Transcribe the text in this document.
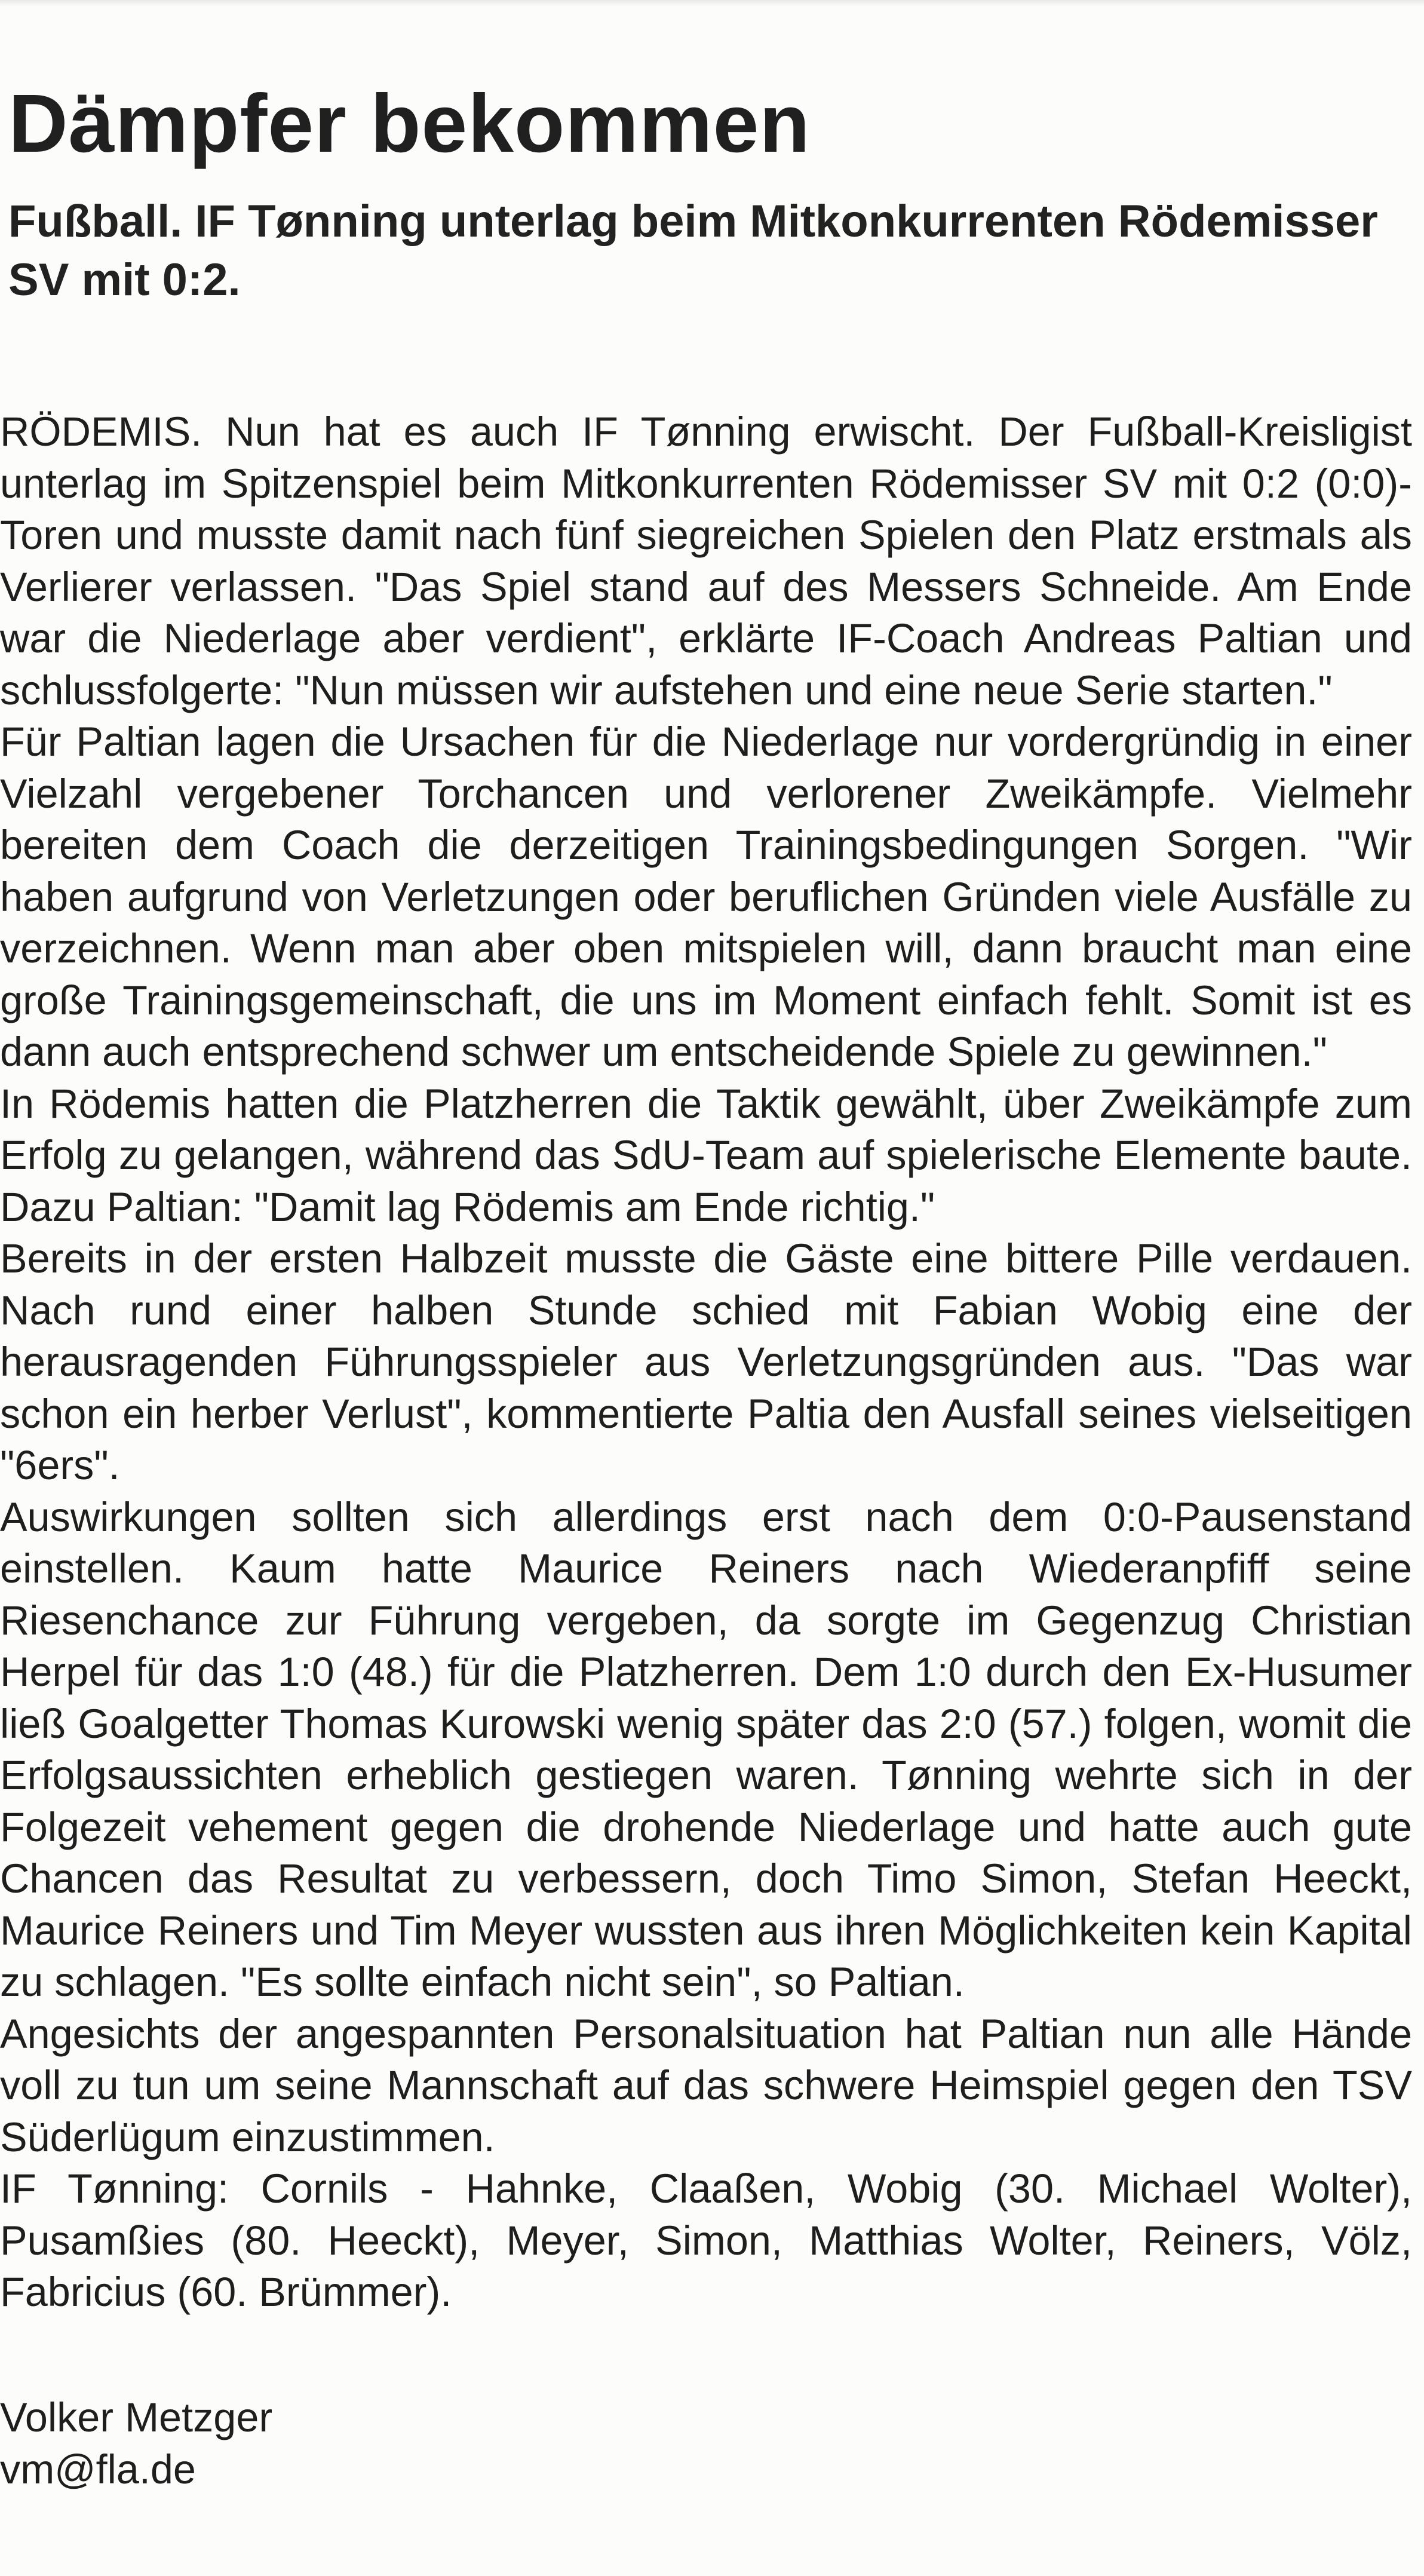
Dämpfer bekommen
Fußball. IF Tønning unterlag beim Mitkonkurrenten Rödemisser SV mit 0:2.

RÖDEMIS. Nun hat es auch IF Tønning erwischt. Der Fußball-Kreisligist unterlag im Spitzenspiel beim Mitkonkurrenten Rödemisser SV mit 0:2 (0:0)-Toren und musste damit nach fünf siegreichen Spielen den Platz erstmals als Verlierer verlassen. "Das Spiel stand auf des Messers Schneide. Am Ende war die Niederlage aber verdient", erklärte IF-Coach Andreas Paltian und schlussfolgerte: "Nun müssen wir aufstehen und eine neue Serie starten."

Für Paltian lagen die Ursachen für die Niederlage nur vordergründig in einer Vielzahl vergebener Torchancen und verlorener Zweikämpfe. Vielmehr bereiten dem Coach die derzeitigen Trainingsbedingungen Sorgen. "Wir haben aufgrund von Verletzungen oder beruflichen Gründen viele Ausfälle zu verzeichnen. Wenn man aber oben mitspielen will, dann braucht man eine große Trainingsgemeinschaft, die uns im Moment einfach fehlt. Somit ist es dann auch entsprechend schwer um entscheidende Spiele zu gewinnen."

In Rödemis hatten die Platzherren die Taktik gewählt, über Zweikämpfe zum Erfolg zu gelangen, während das SdU-Team auf spielerische Elemente baute. Dazu Paltian: "Damit lag Rödemis am Ende richtig."

Bereits in der ersten Halbzeit musste die Gäste eine bittere Pille verdauen. Nach rund einer halben Stunde schied mit Fabian Wobig eine der herausragenden Führungsspieler aus Verletzungsgründen aus. "Das war schon ein herber Verlust", kommentierte Paltia den Ausfall seines vielseitigen "6ers".

Auswirkungen sollten sich allerdings erst nach dem 0:0-Pausenstand einstellen. Kaum hatte Maurice Reiners nach Wiederanpfiff seine Riesenchance zur Führung vergeben, da sorgte im Gegenzug Christian Herpel für das 1:0 (48.) für die Platzherren. Dem 1:0 durch den Ex-Husumer ließ Goalgetter Thomas Kurowski wenig später das 2:0 (57.) folgen, womit die Erfolgsaussichten erheblich gestiegen waren. Tønning wehrte sich in der Folgezeit vehement gegen die drohende Niederlage und hatte auch gute Chancen das Resultat zu verbessern, doch Timo Simon, Stefan Heeckt, Maurice Reiners und Tim Meyer wussten aus ihren Möglichkeiten kein Kapital zu schlagen. "Es sollte einfach nicht sein", so Paltian.

Angesichts der angespannten Personalsituation hat Paltian nun alle Hände voll zu tun um seine Mannschaft auf das schwere Heimspiel gegen den TSV Süderlügum einzustimmen.

IF Tønning: Cornils - Hahnke, Claaßen, Wobig (30. Michael Wolter), Pusamßies (80. Heeckt), Meyer, Simon, Matthias Wolter, Reiners, Völz, Fabricius (60. Brümmer).

Volker Metzger
vm@fla.de
